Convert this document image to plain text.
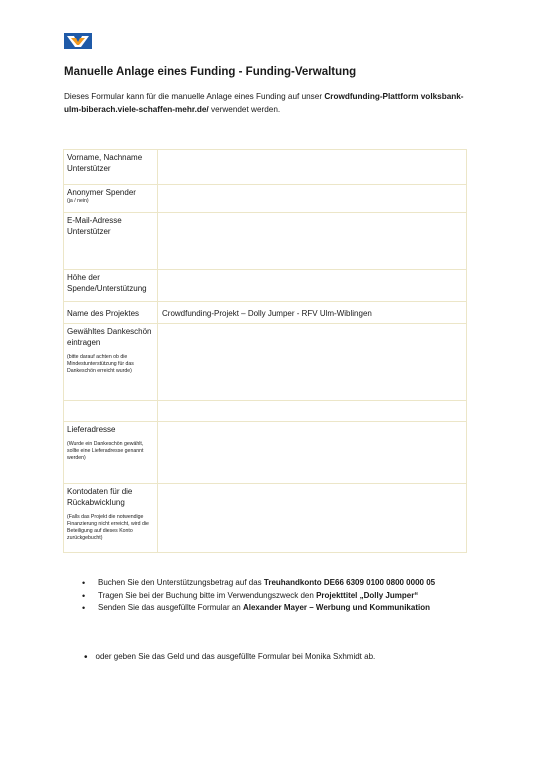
Manuelle Anlage eines Funding - Funding-Verwaltung
Dieses Formular kann für die manuelle Anlage eines Funding auf unser Crowdfunding-Plattform volksbank-ulm-biberach.viele-schaffen-mehr.de/ verwendet werden.
Vorname, Nachname Unterstützer	
Anonymer Spender
(ja / nein)	

E-Mail-Adresse Unterstützer	
Höhe der Spende/Unterstützung	
Name des Projektes	Crowdfunding-Projekt – Dolly Jumper - RFV Ulm-Wiblingen
Gewähltes Dankeschön eintragen
(bitte darauf achten ob die Mindestunterstützung für das Dankeschön erreicht wurde)	

Lieferadresse
(Wurde ein Dankeschön gewählt, sollte eine Lieferadresse genannt werden)	

Kontodaten für die Rückabwicklung
(Falls das Projekt die notwendige Finanzierung nicht erreicht, wird die Beteiligung auf dieses Konto zurückgebucht)	

• Buchen Sie den Unterstützungsbetrag auf das Treuhandkonto DE66 6309 0100 0800 0000 05
• Tragen Sie bei der Buchung bitte im Verwendungszweck den Projekttitel „Dolly Jumper“
• Senden Sie das ausgefüllte Formular an Alexander Mayer – Werbung und Kommunikation
• oder geben Sie das Geld und das ausgefüllte Formular bei Monika Sxhmidt ab.
